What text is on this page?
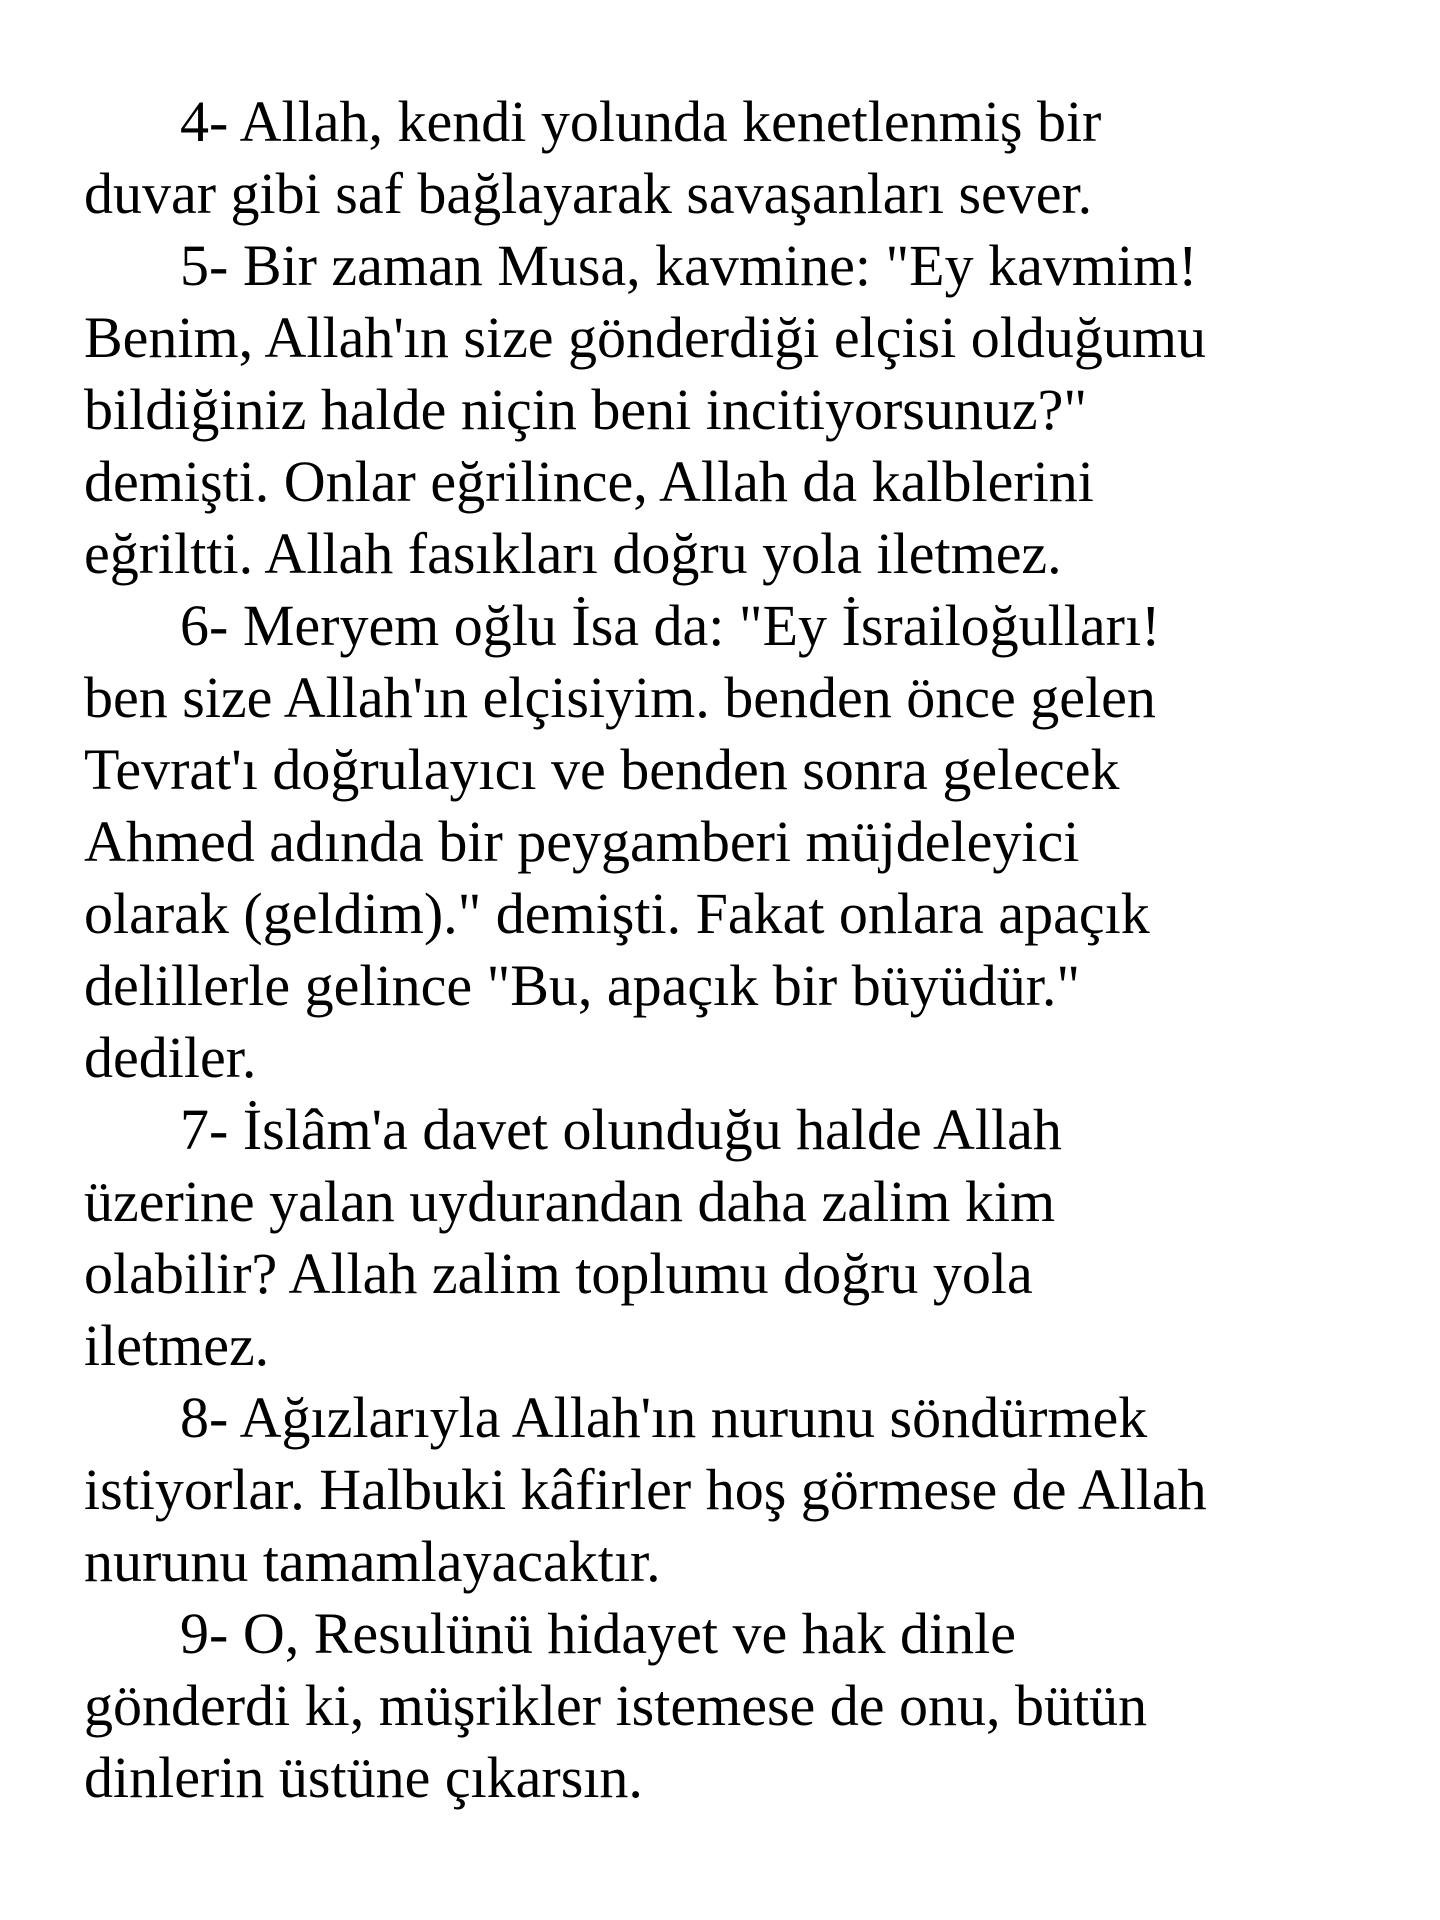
4- Allah, kendi yolunda kenetlenmiş bir
duvar gibi saf bağlayarak savaşanları sever.
5- Bir zaman Musa, kavmine: "Ey kavmim!
Benim, Allah'ın size gönderdiği elçisi olduğumu
bildiğiniz halde niçin beni incitiyorsunuz?"
demişti. Onlar eğrilince, Allah da kalblerini
eğriltti. Allah fasıkları doğru yola iletmez.
6- Meryem oğlu İsa da: "Ey İsrailoğulları!
ben size Allah'ın elçisiyim. benden önce gelen
Tevrat'ı doğrulayıcı ve benden sonra gelecek
Ahmed adında bir peygamberi müjdeleyici
olarak (geldim)." demişti. Fakat onlara apaçık
delillerle gelince "Bu, apaçık bir büyüdür."
dediler.
7- İslâm'a davet olunduğu halde Allah
üzerine yalan uydurandan daha zalim kim
olabilir? Allah zalim toplumu doğru yola
iletmez.
8- Ağızlarıyla Allah'ın nurunu söndürmek
istiyorlar. Halbuki kâfirler hoş görmese de Allah
nurunu tamamlayacaktır.
9- O, Resulünü hidayet ve hak dinle
gönderdi ki, müşrikler istemese de onu, bütün
dinlerin üstüne çıkarsın.
